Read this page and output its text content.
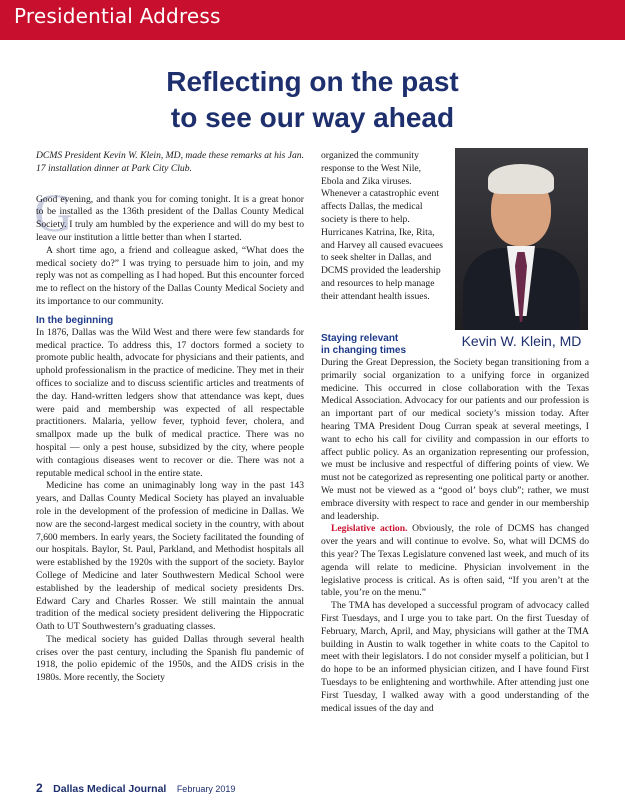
Presidential Address
Reflecting on the past
to see our way ahead

DCMS President Kevin W. Klein, MD, made these remarks at his Jan. 17 installation dinner at Park City Club.

G

Good evening, and thank you for coming tonight. It is a great honor to be installed as the 136th president of the Dallas County Medical Society. I truly am humbled by the experience and will do my best to leave our institution a little better than when I started.

A short time ago, a friend and colleague asked, “What does the medical society do?” I was trying to persuade him to join, and my reply was not as compelling as I had hoped. But this encounter forced me to reflect on the history of the Dallas County Medical Society and its importance to our community.

In the beginning

In 1876, Dallas was the Wild West and there were few standards for medical practice. To address this, 17 doctors formed a society to promote public health, advocate for physicians and their patients, and uphold professionalism in the practice of medicine. They met in their offices to socialize and to discuss scientific articles and treatments of the day. Hand-written ledgers show that attendance was kept, dues were paid and membership was expected of all respectable practitioners. Malaria, yellow fever, typhoid fever, cholera, and smallpox made up the bulk of medical practice. There was no hospital — only a pest house, subsidized by the city, where people with contagious diseases went to recover or die. There was not a reputable medical school in the entire state.

Medicine has come an unimaginably long way in the past 143 years, and Dallas County Medical Society has played an invaluable role in the development of the profession of medicine in Dallas. We now are the second-largest medical society in the country, with about 7,600 members. In early years, the Society facilitated the founding of our hospitals. Baylor, St. Paul, Parkland, and Methodist hospitals all were established by the 1920s with the support of the society. Baylor College of Medicine and later Southwestern Medical School were established by the leadership of medical society presidents Drs. Edward Cary and Charles Rosser. We still maintain the annual tradition of the medical society president delivering the Hippocratic Oath to UT Southwestern’s graduating classes.

The medical society has guided Dallas through several health crises over the past century, including the Spanish flu pandemic of 1918, the polio epidemic of the 1950s, and the AIDS crisis in the 1980s. More recently, the Society

organized the community response to the West Nile, Ebola and Zika viruses. Whenever a catastrophic event affects Dallas, the medical society is there to help. Hurricanes Katrina, Ike, Rita, and Harvey all caused evacuees to seek shelter in Dallas, and DCMS provided the leadership and resources to help manage their attendant health issues.

Kevin W. Klein, MD
Staying relevant
in changing times

During the Great Depression, the Society began transitioning from a primarily social organization to a unifying force in organized medicine. This occurred in close collaboration with the Texas Medical Association. Advocacy for our patients and our profession is an important part of our medical society’s mission today. After hearing TMA President Doug Curran speak at several meetings, I want to echo his call for civility and compassion in our efforts to affect public policy. As an organization representing our profession, we must be inclusive and respectful of differing points of view. We must not be categorized as representing one political party or another. We must not be viewed as a “good ol’ boys club”; rather, we must embrace diversity with respect to race and gender in our membership and leadership.

Legislative action. Obviously, the role of DCMS has changed over the years and will continue to evolve. So, what will DCMS do this year? The Texas Legislature convened last week, and much of its agenda will relate to medicine. Physician involvement in the legislative process is critical. As is often said, “If you aren’t at the table, you’re on the menu.”

The TMA has developed a successful program of advocacy called First Tuesdays, and I urge you to take part. On the first Tuesday of February, March, April, and May, physicians will gather at the TMA building in Austin to walk together in white coats to the Capitol to meet with their legislators. I do not consider myself a politician, but I do hope to be an informed physician citizen, and I have found First Tuesdays to be enlightening and worthwhile. After attending just one First Tuesday, I walked away with a good understanding of the medical issues of the day and

2 Dallas Medical Journal February 2019
